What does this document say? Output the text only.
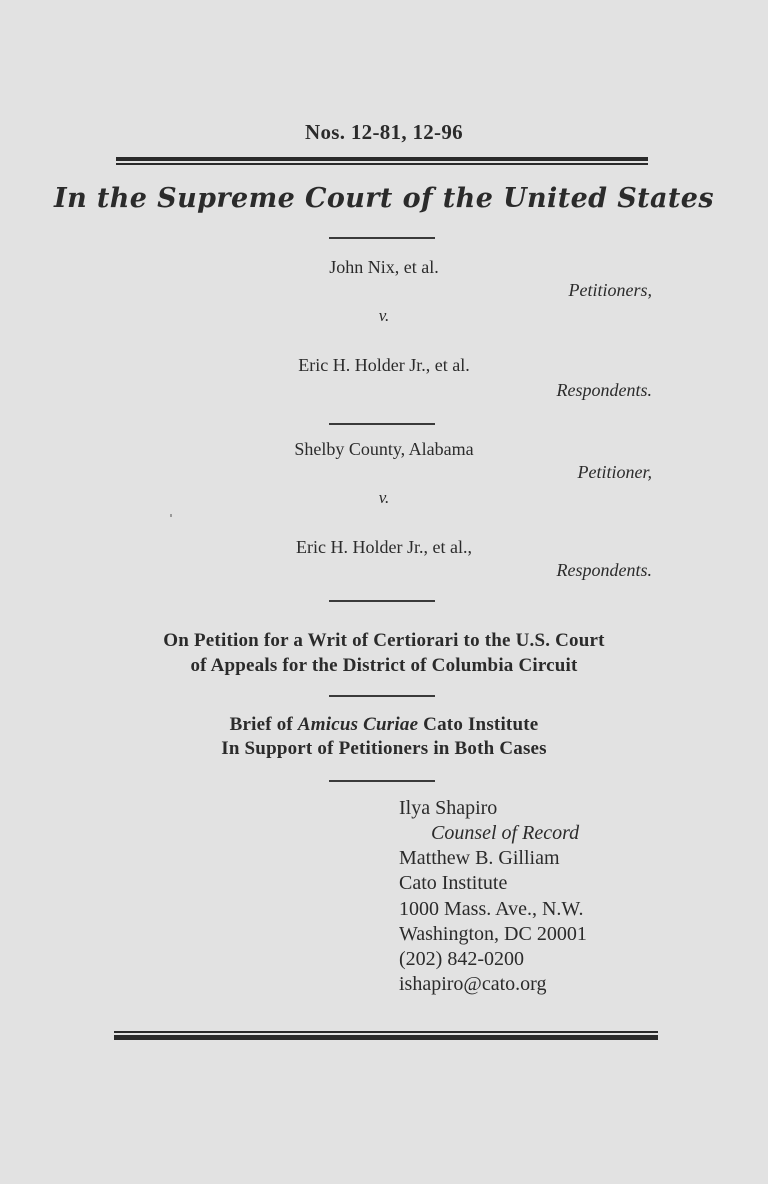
Nos. 12-81, 12-96
In the Supreme Court of the United States
John Nix, et al.
Petitioners,
v.
Eric H. Holder Jr., et al.
Respondents.
Shelby County, Alabama
Petitioner,
v.
Eric H. Holder Jr., et al.,
Respondents.
On Petition for a Writ of Certiorari to the U.S. Court
of Appeals for the District of Columbia Circuit
Brief of Amicus Curiae Cato Institute
In Support of Petitioners in Both Cases
Ilya Shapiro
Counsel of Record
Matthew B. Gilliam
Cato Institute
1000 Mass. Ave., N.W.
Washington, DC 20001
(202) 842-0200
ishapiro@cato.org
